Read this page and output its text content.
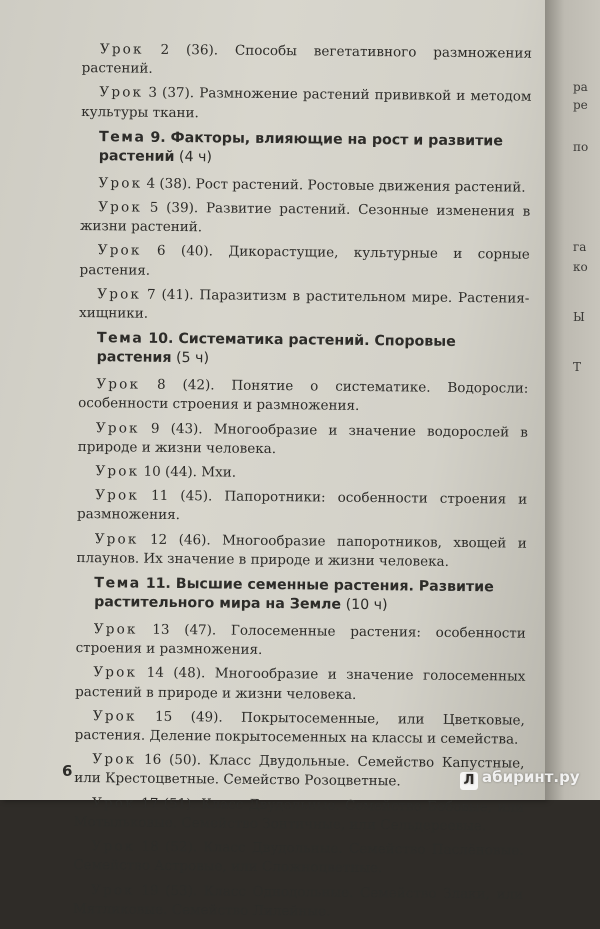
Урок 2 (36). Способы вегетативного размножения растений.

Урок 3 (37). Размножение растений прививкой и методом культуры ткани.

Тема 9. Факторы, влияющие на рост и развитие растений (4 ч)

Урок 4 (38). Рост растений. Ростовые движения растений.

Урок 5 (39). Развитие растений. Сезонные изменения в жизни растений.

Урок 6 (40). Дикорастущие, культурные и сорные растения.

Урок 7 (41). Паразитизм в растительном мире. Растения-хищники.

Тема 10. Систематика растений. Споровые растения (5 ч)

Урок 8 (42). Понятие о систематике. Водоросли: особенности строения и размножения.

Урок 9 (43). Многообразие и значение водорослей в природе и жизни человека.

Урок 10 (44). Мхи.

Урок 11 (45). Папоротники: особенности строения и размножения.

Урок 12 (46). Многообразие папоротников, хвощей и плаунов. Их значение в природе и жизни человека.

Тема 11. Высшие семенные растения. Развитие растительного мира на Земле (10 ч)

Урок 13 (47). Голосеменные растения: особенности строения и размножения.

Урок 14 (48). Многообразие и значение голосеменных растений в природе и жизни человека.

Урок 15 (49). Покрытосеменные, или Цветковые, растения. Деление покрытосеменных на классы и семейства.

Урок 16 (50). Класс Двудольные. Семейство Капустные, или Крестоцветные. Семейство Розоцветные.

Урок 17 (51). Класс Двудольные. Семейство Бобовые, или Мотыльковые. Семейство Зонтичные, или Сельдереевые.

Урок 18 (52). Класс Двудольные. Семейство Паслёновые. Семейство Астровые, или Сложноцветные.

Урок 19 (53). Класс Однодольные. Семейство Злаки, или Мятликовые. Семейство Лилейные.

6
ра
ре
по
га
ко
Ы
Т
Л абиринт.ру
